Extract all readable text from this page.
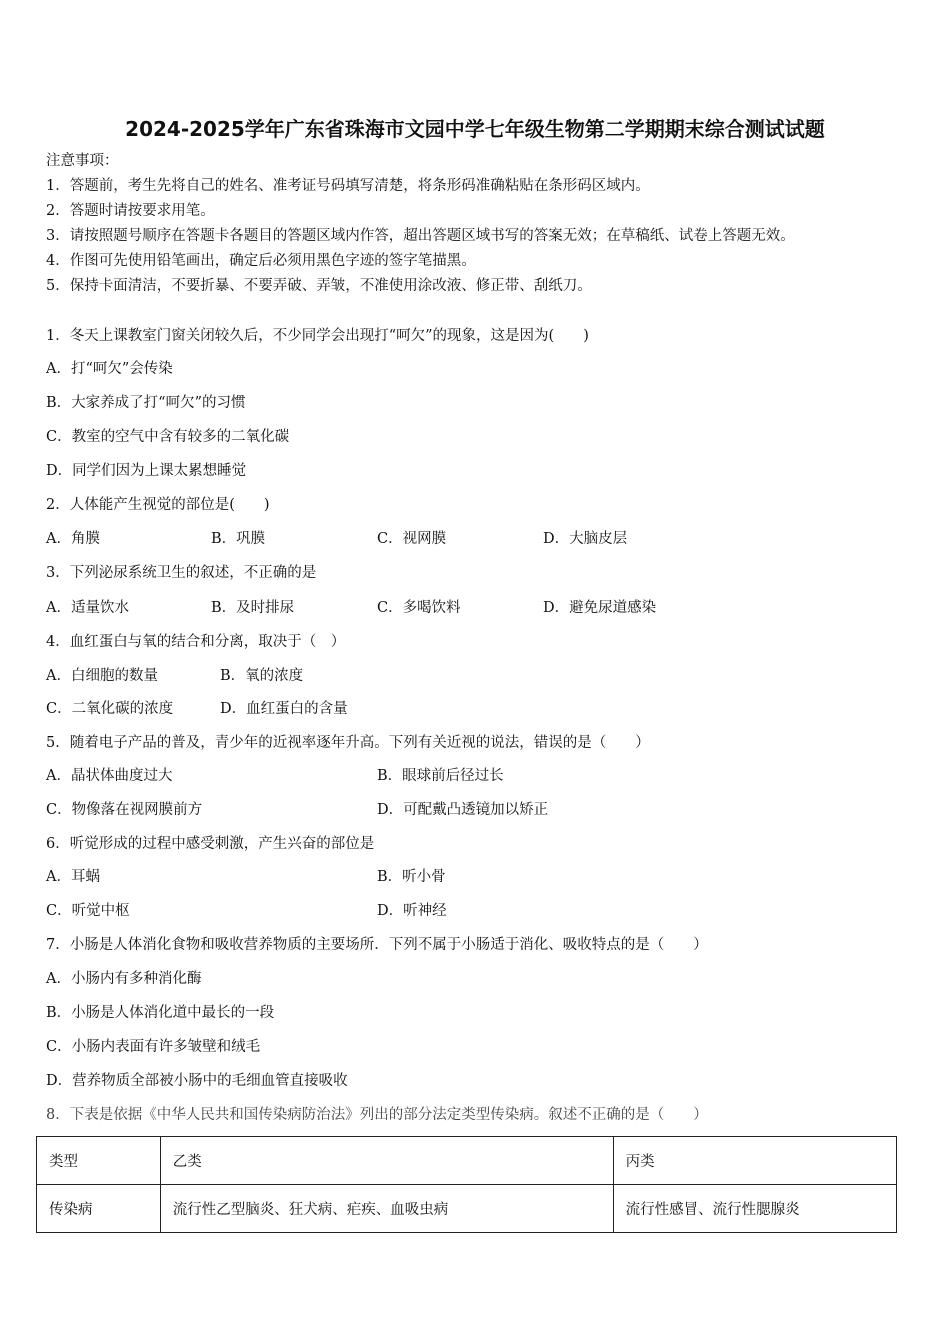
2024-2025学年广东省珠海市文园中学七年级生物第二学期期末综合测试试题
注意事项：
1．答题前，考生先将自己的姓名、准考证号码填写清楚，将条形码准确粘贴在条形码区域内。
2．答题时请按要求用笔。
3．请按照题号顺序在答题卡各题目的答题区域内作答，超出答题区域书写的答案无效；在草稿纸、试卷上答题无效。
4．作图可先使用铅笔画出，确定后必须用黑色字迹的签字笔描黑。
5．保持卡面清洁，不要折暴、不要弄破、弄皱，不准使用涂改液、修正带、刮纸刀。
1．冬天上课教室门窗关闭较久后，不少同学会出现打“呵欠”的现象，这是因为(　　)
A．打“呵欠”会传染
B．大家养成了打“呵欠”的习惯
C．教室的空气中含有较多的二氧化碳
D．同学们因为上课太累想睡觉
2．人体能产生视觉的部位是(　　)
A．角膜	B．巩膜	C．视网膜	D．大脑皮层
3．下列泌尿系统卫生的叙述，不正确的是
A．适量饮水	B．及时排尿	C．多喝饮料	D．避免尿道感染
4．血红蛋白与氧的结合和分离，取决于（　）
A．白细胞的数量	B．氧的浓度
C．二氧化碳的浓度	D．血红蛋白的含量
5．随着电子产品的普及，青少年的近视率逐年升高。下列有关近视的说法，错误的是（　　）
A．晶状体曲度过大	B．眼球前后径过长
C．物像落在视网膜前方	D．可配戴凸透镜加以矫正
6．听觉形成的过程中感受刺激，产生兴奋的部位是
A．耳蜗	B．听小骨
C．听觉中枢	D．听神经
7．小肠是人体消化食物和吸收营养物质的主要场所．下列不属于小肠适于消化、吸收特点的是（　　）
A．小肠内有多种消化酶
B．小肠是人体消化道中最长的一段
C．小肠内表面有许多皱壁和绒毛
D．营养物质全部被小肠中的毛细血管直接吸收
8．下表是依据《中华人民共和国传染病防治法》列出的部分法定类型传染病。叙述不正确的是（　　）
类型	乙类	丙类
传染病	流行性乙型脑炎、狂犬病、疟疾、血吸虫病	流行性感冒、流行性腮腺炎
